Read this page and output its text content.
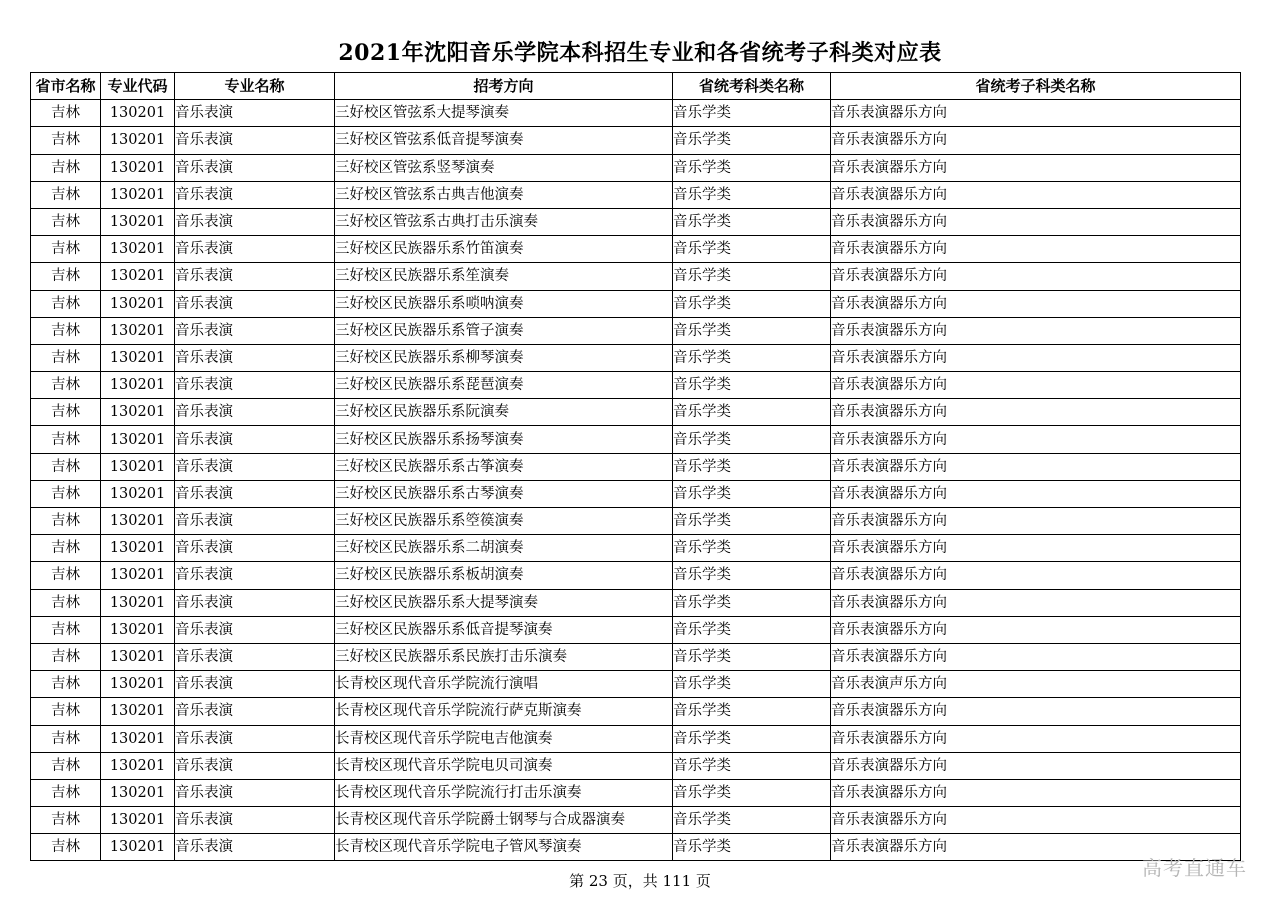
2021年沈阳音乐学院本科招生专业和各省统考子科类对应表
省市名称	专业代码	专业名称	招考方向	省统考科类名称	省统考子科类名称
吉林	130201	音乐表演	三好校区管弦系大提琴演奏	音乐学类	音乐表演器乐方向
吉林	130201	音乐表演	三好校区管弦系低音提琴演奏	音乐学类	音乐表演器乐方向
吉林	130201	音乐表演	三好校区管弦系竖琴演奏	音乐学类	音乐表演器乐方向
吉林	130201	音乐表演	三好校区管弦系古典吉他演奏	音乐学类	音乐表演器乐方向
吉林	130201	音乐表演	三好校区管弦系古典打击乐演奏	音乐学类	音乐表演器乐方向
吉林	130201	音乐表演	三好校区民族器乐系竹笛演奏	音乐学类	音乐表演器乐方向
吉林	130201	音乐表演	三好校区民族器乐系笙演奏	音乐学类	音乐表演器乐方向
吉林	130201	音乐表演	三好校区民族器乐系唢呐演奏	音乐学类	音乐表演器乐方向
吉林	130201	音乐表演	三好校区民族器乐系管子演奏	音乐学类	音乐表演器乐方向
吉林	130201	音乐表演	三好校区民族器乐系柳琴演奏	音乐学类	音乐表演器乐方向
吉林	130201	音乐表演	三好校区民族器乐系琵琶演奏	音乐学类	音乐表演器乐方向
吉林	130201	音乐表演	三好校区民族器乐系阮演奏	音乐学类	音乐表演器乐方向
吉林	130201	音乐表演	三好校区民族器乐系扬琴演奏	音乐学类	音乐表演器乐方向
吉林	130201	音乐表演	三好校区民族器乐系古筝演奏	音乐学类	音乐表演器乐方向
吉林	130201	音乐表演	三好校区民族器乐系古琴演奏	音乐学类	音乐表演器乐方向
吉林	130201	音乐表演	三好校区民族器乐系箜篌演奏	音乐学类	音乐表演器乐方向
吉林	130201	音乐表演	三好校区民族器乐系二胡演奏	音乐学类	音乐表演器乐方向
吉林	130201	音乐表演	三好校区民族器乐系板胡演奏	音乐学类	音乐表演器乐方向
吉林	130201	音乐表演	三好校区民族器乐系大提琴演奏	音乐学类	音乐表演器乐方向
吉林	130201	音乐表演	三好校区民族器乐系低音提琴演奏	音乐学类	音乐表演器乐方向
吉林	130201	音乐表演	三好校区民族器乐系民族打击乐演奏	音乐学类	音乐表演器乐方向
吉林	130201	音乐表演	长青校区现代音乐学院流行演唱	音乐学类	音乐表演声乐方向
吉林	130201	音乐表演	长青校区现代音乐学院流行萨克斯演奏	音乐学类	音乐表演器乐方向
吉林	130201	音乐表演	长青校区现代音乐学院电吉他演奏	音乐学类	音乐表演器乐方向
吉林	130201	音乐表演	长青校区现代音乐学院电贝司演奏	音乐学类	音乐表演器乐方向
吉林	130201	音乐表演	长青校区现代音乐学院流行打击乐演奏	音乐学类	音乐表演器乐方向
吉林	130201	音乐表演	长青校区现代音乐学院爵士钢琴与合成器演奏	音乐学类	音乐表演器乐方向
吉林	130201	音乐表演	长青校区现代音乐学院电子管风琴演奏	音乐学类	音乐表演器乐方向
第 23 页，共 111 页
高考直通车
